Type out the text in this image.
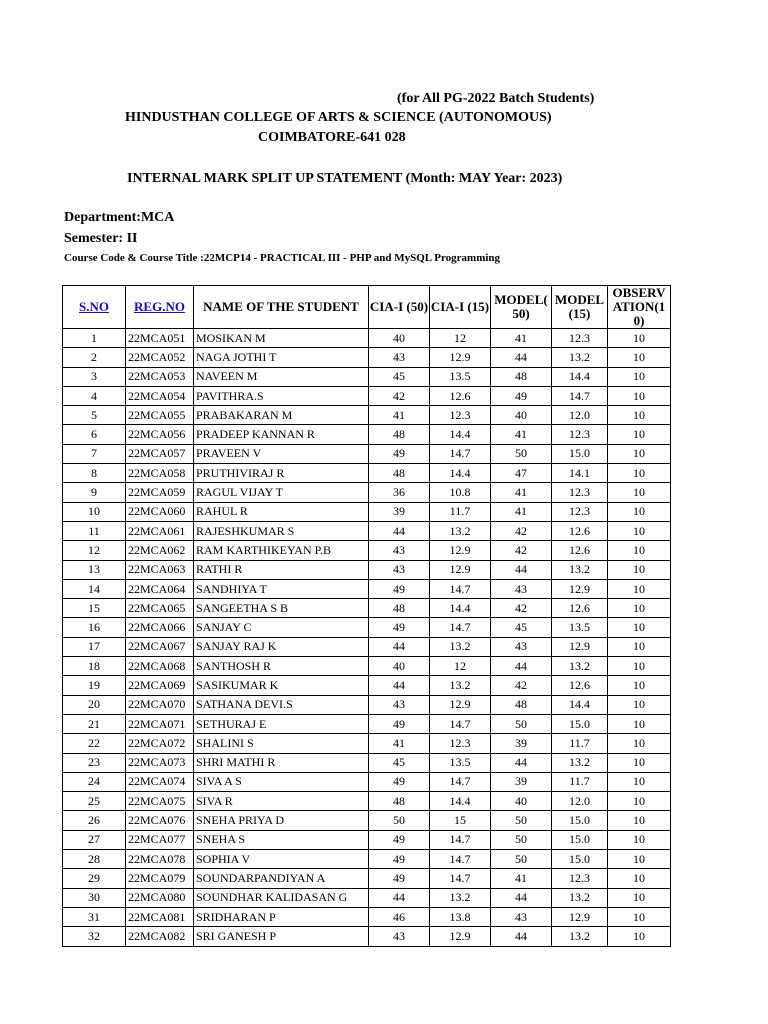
(for All PG-2022 Batch Students)
HINDUSTHAN COLLEGE OF ARTS & SCIENCE (AUTONOMOUS)
COIMBATORE-641 028
INTERNAL MARK SPLIT UP STATEMENT (Month: MAY Year: 2023)
Department:MCA
Semester: II
Course Code & Course Title :22MCP14 - PRACTICAL III - PHP and MySQL Programming
S.NO	REG.NO	NAME OF THE STUDENT	CIA-I (50)	CIA-I (15)	MODEL( 50)	MODEL (15)	OBSERV ATION(1 0)
1	22MCA051	MOSIKAN M	40	12	41	12.3	10
2	22MCA052	NAGA JOTHI T	43	12.9	44	13.2	10
3	22MCA053	NAVEEN M	45	13.5	48	14.4	10
4	22MCA054	PAVITHRA.S	42	12.6	49	14.7	10
5	22MCA055	PRABAKARAN M	41	12.3	40	12.0	10
6	22MCA056	PRADEEP KANNAN R	48	14.4	41	12.3	10
7	22MCA057	PRAVEEN V	49	14.7	50	15.0	10
8	22MCA058	PRUTHIVIRAJ R	48	14.4	47	14.1	10
9	22MCA059	RAGUL VIJAY T	36	10.8	41	12.3	10
10	22MCA060	RAHUL R	39	11.7	41	12.3	10
11	22MCA061	RAJESHKUMAR S	44	13.2	42	12.6	10
12	22MCA062	RAM KARTHIKEYAN P.B	43	12.9	42	12.6	10
13	22MCA063	RATHI R	43	12.9	44	13.2	10
14	22MCA064	SANDHIYA T	49	14.7	43	12.9	10
15	22MCA065	SANGEETHA S B	48	14.4	42	12.6	10
16	22MCA066	SANJAY C	49	14.7	45	13.5	10
17	22MCA067	SANJAY RAJ K	44	13.2	43	12.9	10
18	22MCA068	SANTHOSH R	40	12	44	13.2	10
19	22MCA069	SASIKUMAR K	44	13.2	42	12.6	10
20	22MCA070	SATHANA DEVI.S	43	12.9	48	14.4	10
21	22MCA071	SETHURAJ E	49	14.7	50	15.0	10
22	22MCA072	SHALINI S	41	12.3	39	11.7	10
23	22MCA073	SHRI MATHI R	45	13.5	44	13.2	10
24	22MCA074	SIVA A S	49	14.7	39	11.7	10
25	22MCA075	SIVA R	48	14.4	40	12.0	10
26	22MCA076	SNEHA PRIYA D	50	15	50	15.0	10
27	22MCA077	SNEHA S	49	14.7	50	15.0	10
28	22MCA078	SOPHIA V	49	14.7	50	15.0	10
29	22MCA079	SOUNDARPANDIYAN A	49	14.7	41	12.3	10
30	22MCA080	SOUNDHAR KALIDASAN G	44	13.2	44	13.2	10
31	22MCA081	SRIDHARAN P	46	13.8	43	12.9	10
32	22MCA082	SRI GANESH P	43	12.9	44	13.2	10
